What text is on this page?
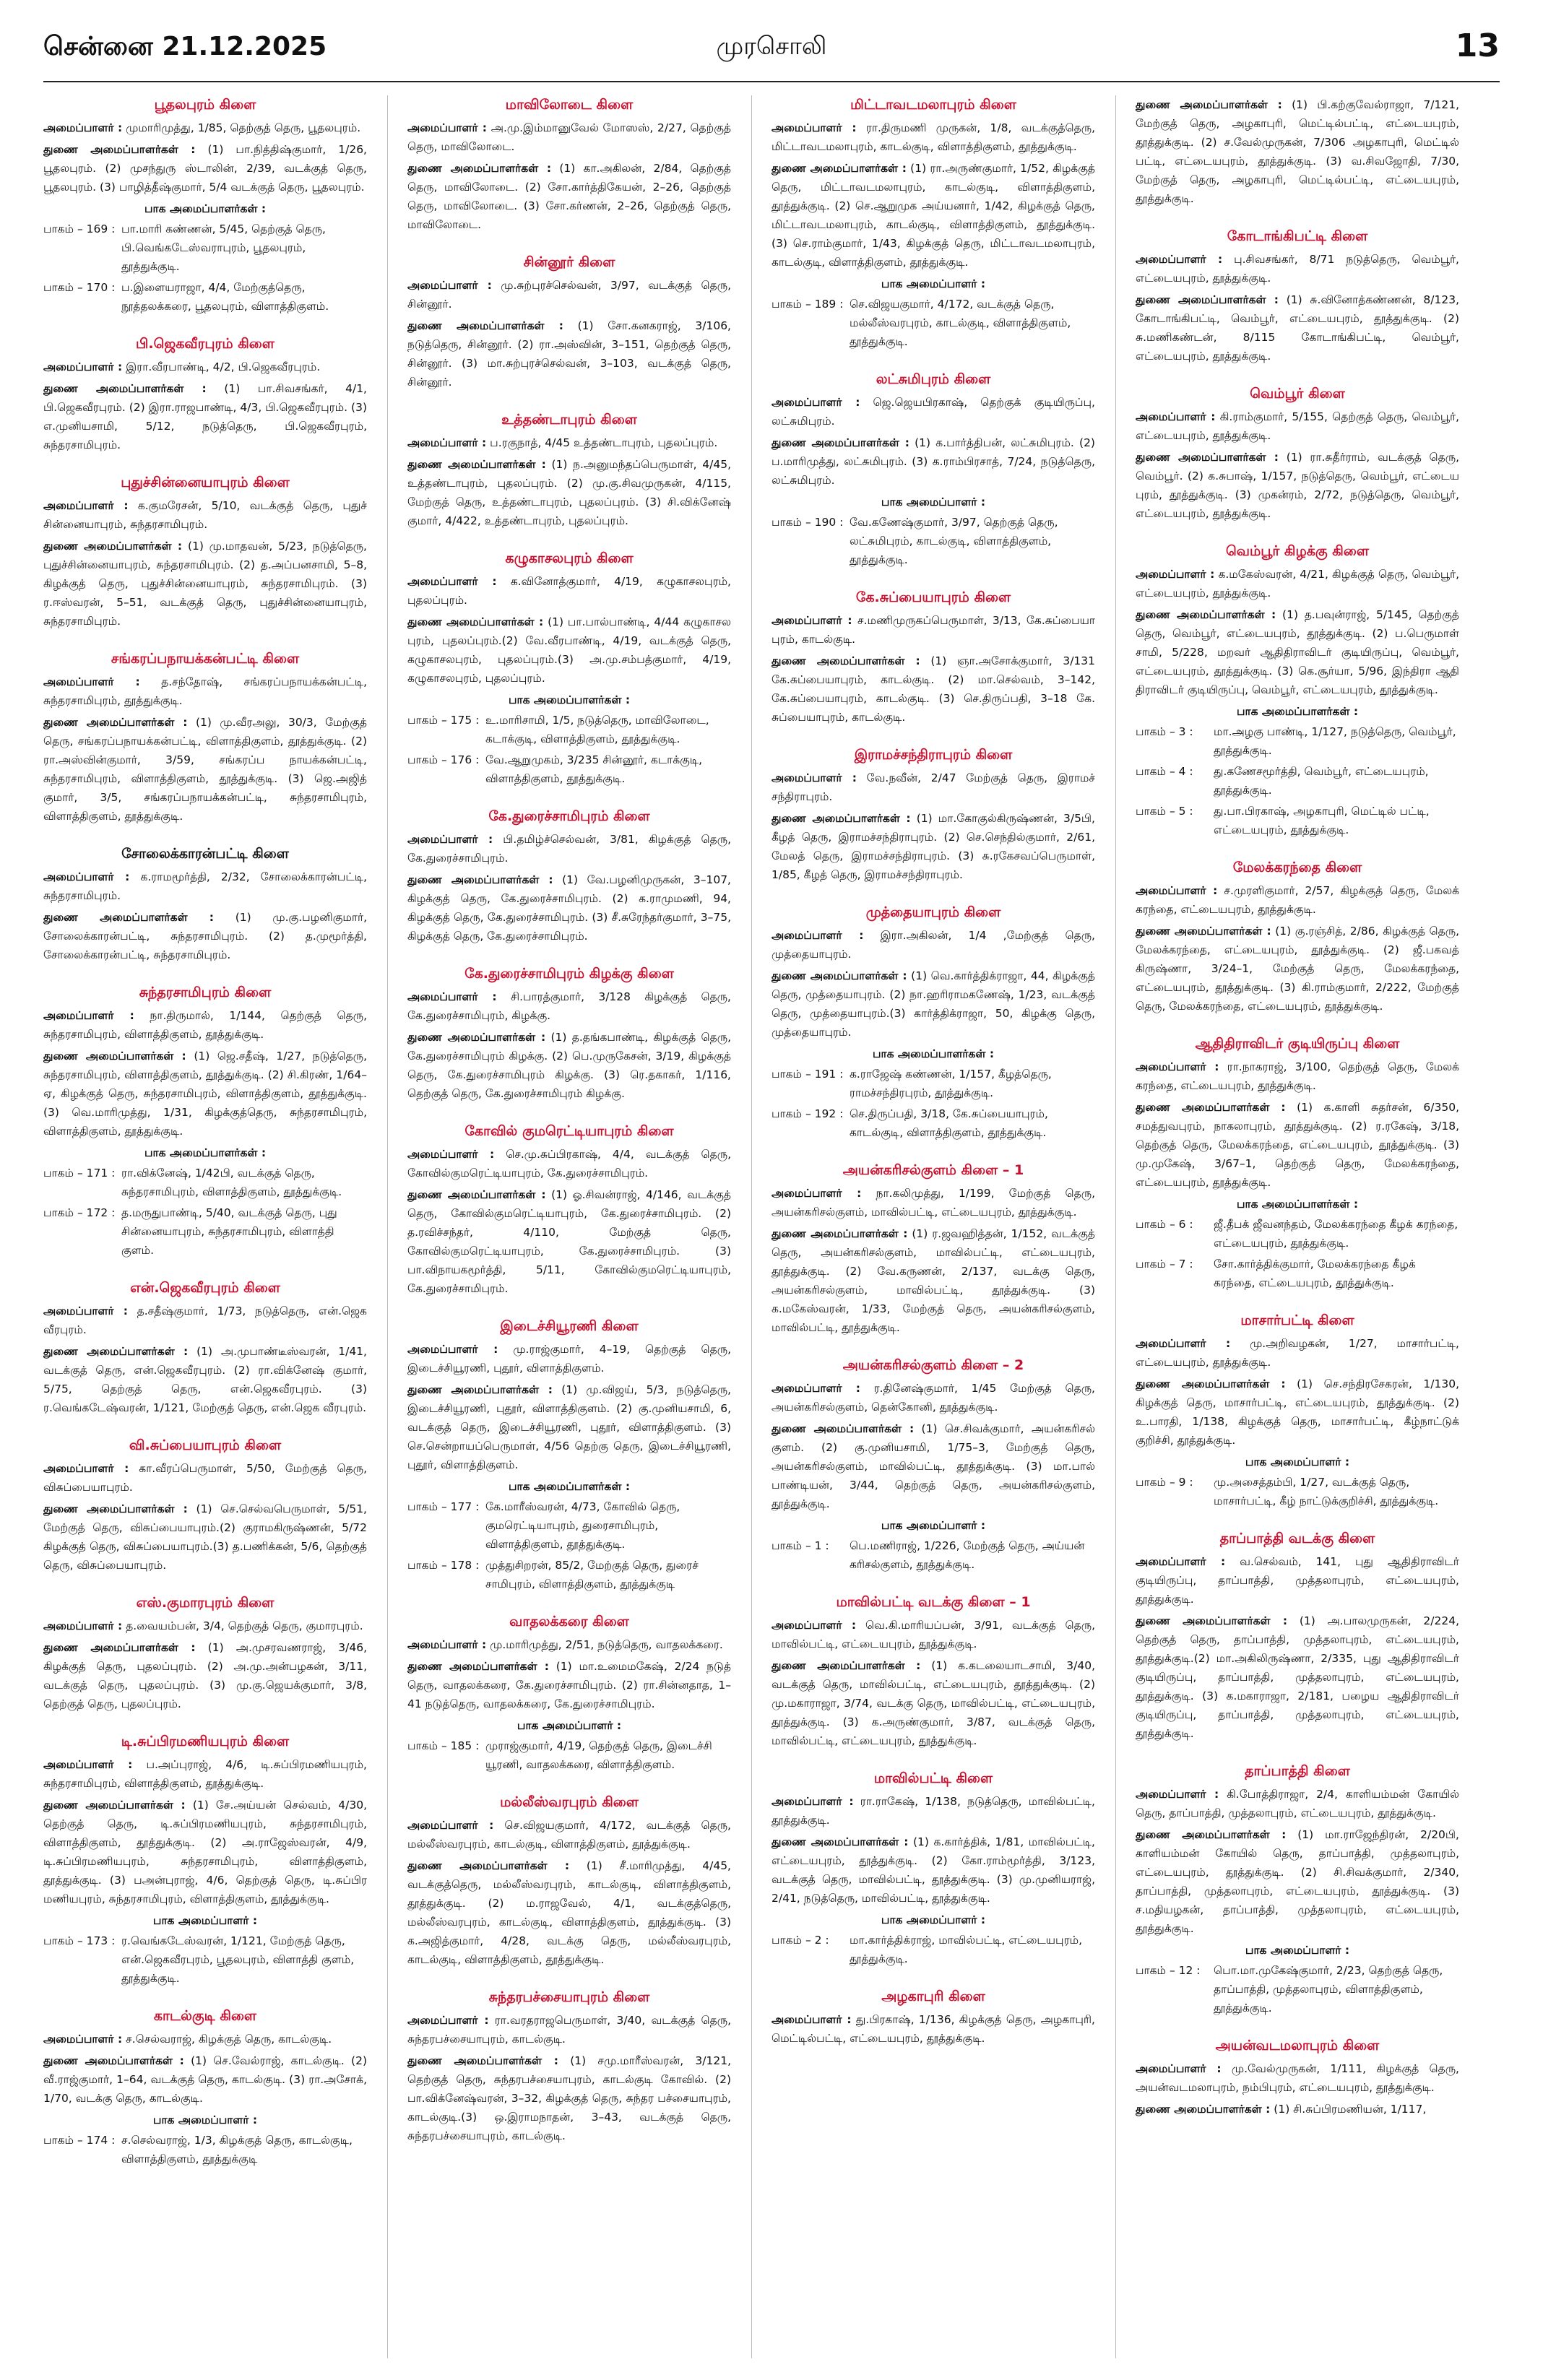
சென்னை 21.12.2025	முரசொலி	13
பூதலபுரம் கிளை
அமைப்பாளர் : முமாரிமுத்து, 1/85, தெற்குத் தெரு, பூதலபுரம்.
துணை அமைப்பாளர்கள் : (1) பா.நித்திஷ்குமார், 1/26, பூதலபுரம். (2) முசந்துரு ஸ்டாலின், 2/39, வடக்குத் தெரு, பூதலபுரம். (3) பாழித்தீஷ்குமார், 5/4 வடக்குத் தெரு, பூதலபுரம்.
பாக அமைப்பாளர்கள் :
பாகம் – 169 : பா.மாரி கண்ணன், 5/45, தெற்குத் தெரு, பி.வெங்கடேஸ்வராபுரம், பூதலபுரம், தூத்துக்குடி.
பாகம் – 170 : ப.இளையராஜா, 4/4, மேற்குத்தெரு, நூத்தலக்கரை, பூதலபுரம், விளாத்திகுளம்.
பி.ஜெகவீரபுரம் கிளை
அமைப்பாளர் : இரா.வீரபாண்டி, 4/2, பி.ஜெகவீரபுரம்.
துணை அமைப்பாளர்கள் : (1) பா.சிவசங்கர், 4/1, பி.ஜெகவீரபுரம். (2) இரா.ராஜபாண்டி, 4/3, பி.ஜெகவீரபுரம். (3) எ.முனியசாமி, 5/12, நடுத்தெரு, பி.ஜெகவீரபுரம், சுந்தரசாமிபுரம்.
புதுச்சின்னையாபுரம் கிளை
அமைப்பாளர் : க.குமரேசன், 5/10, வடக்குத் தெரு, புதுச் சின்னையாபுரம், சுந்தரசாமிபுரம்.
துணை அமைப்பாளர்கள் : (1) மு.மாதவன், 5/23, நடுத்தெரு, புதுச்சின்னையாபுரம், சுந்தரசாமிபுரம். (2) த.அப்பனசாமி, 5–8, கிழக்குத் தெரு, புதுச்சின்னையாபுரம், சுந்தரசாமிபுரம். (3) ர.ஈஸ்வரன், 5–51, வடக்குத் தெரு, புதுச்சின்னையாபுரம், சுந்தரசாமிபுரம்.
சங்கரப்பநாயக்கன்பட்டி கிளை
அமைப்பாளர் : த.சந்தோஷ், சங்கரப்பநாயக்கன்பட்டி, சுந்தரசாமிபுரம், தூத்துக்குடி.
துணை அமைப்பாளர்கள் : (1) மு.வீரஅலு, 30/3, மேற்குத் தெரு, சங்கரப்பநாயக்கன்பட்டி, விளாத்திகுளம், தூத்துக்குடி. (2) ரா.அஸ்வின்குமார், 3/59, சங்கரப்ப நாயக்கன்பட்டி, சுந்தரசாமிபுரம், விளாத்திகுளம், தூத்துக்குடி. (3) ஜெ.அஜித் குமார், 3/5, சங்கரப்பநாயக்கன்பட்டி, சுந்தரசாமிபுரம், விளாத்திகுளம், தூத்துக்குடி.
சோலைக்காரன்பட்டி கிளை
அமைப்பாளர் : க.ராமமூர்த்தி, 2/32, சோலைக்காரன்பட்டி, சுந்தரசாமிபுரம்.
துணை அமைப்பாளர்கள் : (1) மு.கு.பழனிகுமார், சோலைக்காரன்பட்டி, சுந்தரசாமிபுரம். (2) த.முமூர்த்தி, சோலைக்காரன்பட்டி, சுந்தரசாமிபுரம்.
சுந்தரசாமிபுரம் கிளை
அமைப்பாளர் : நா.திருமால், 1/144, தெற்குத் தெரு, சுந்தரசாமிபுரம், விளாத்திகுளம், தூத்துக்குடி.
துணை அமைப்பாளர்கள் : (1) ஜெ.சதீஷ், 1/27, நடுத்தெரு, சுந்தரசாமிபுரம், விளாத்திகுளம், தூத்துக்குடி. (2) சி.கிரண், 1/64–ஏ, கிழக்குத் தெரு, சுந்தரசாமிபுரம், விளாத்திகுளம், தூத்துக்குடி. (3) வெ.மாரிமுத்து, 1/31, கிழக்குத்தெரு, சுந்தரசாமிபுரம், விளாத்திகுளம், தூத்துக்குடி.
பாக அமைப்பாளர்கள் :
பாகம் – 171 : ரா.விக்னேஷ், 1/42பி, வடக்குத் தெரு, சுந்தரசாமிபுரம், விளாத்திகுளம், தூத்துக்குடி.
பாகம் – 172 : த.மருதுபாண்டி, 5/40, வடக்குத் தெரு, புது சின்னையாபுரம், சுந்தரசாமிபுரம், விளாத்தி குளம்.
என்.ஜெகவீரபுரம் கிளை
அமைப்பாளர் : த.சதீஷ்குமார், 1/73, நடுத்தெரு, என்.ஜெக வீரபுரம்.
துணை அமைப்பாளர்கள் : (1) அ.முபாண்டீஸ்வரன், 1/41, வடக்குத் தெரு, என்.ஜெகவீரபுரம். (2) ரா.விக்னேஷ் குமார், 5/75, தெற்குத் தெரு, என்.ஜெகவீரபுரம். (3) ர.வெங்கடேஷ்வரன், 1/121, மேற்குத் தெரு, என்.ஜெக வீரபுரம்.
வி.சுப்பையாபுரம் கிளை
அமைப்பாளர் : கா.வீரப்பெருமாள், 5/50, மேற்குத் தெரு, விசுப்பையாபுரம்.
துணை அமைப்பாளர்கள் : (1) செ.செல்வபெருமாள், 5/51, மேற்குத் தெரு, விசுப்பையாபுரம்.(2) குராமகிருஷ்ணன், 5/72 கிழக்குத் தெரு, விசுப்பையாபுரம்.(3) த.பணிக்கன், 5/6, தெற்குத் தெரு, விசுப்பையாபுரம்.
எஸ்.குமாரபுரம் கிளை
அமைப்பாளர் : த.வையம்பன், 3/4, தெற்குத் தெரு, குமாரபுரம்.
துணை அமைப்பாளர்கள் : (1) அ.முசரவணராஜ், 3/46, கிழக்குத் தெரு, புதலப்புரம். (2) அ.மு.அன்பழகன், 3/11, வடக்குத் தெரு, புதலப்புரம். (3) மு.கு.ஜெயக்குமார், 3/8, தெற்குத் தெரு, புதலப்புரம்.
டி.சுப்பிரமணியபுரம் கிளை
அமைப்பாளர் : ப.அப்புராஜ், 4/6, டி.சுப்பிரமணியபுரம், சுந்தரசாமிபுரம், விளாத்திகுளம், தூத்துக்குடி.
துணை அமைப்பாளர்கள் : (1) சே.அய்யன் செல்வம், 4/30, தெற்குத் தெரு, டி.சுப்பிரமணியபுரம், சுந்தரசாமிபுரம், விளாத்திகுளம், தூத்துக்குடி. (2) அ.ராஜேஸ்வரன், 4/9, டி.சுப்பிரமணியபுரம், சுந்தரசாமிபுரம், விளாத்திகுளம், தூத்துக்குடி. (3) பஅன்புராஜ், 4/6, தெற்குத் தெரு, டி.சுப்பிர மணியபுரம், சுந்தரசாமிபுரம், விளாத்திகுளம், தூத்துக்குடி.
பாக அமைப்பாளர் :
பாகம் – 173 : ர.வெங்கடேஸ்வரன், 1/121, மேற்குத் தெரு, என்.ஜெகவீரபுரம், பூதலபுரம், விளாத்தி குளம், தூத்துக்குடி.
காடல்குடி கிளை
அமைப்பாளர் : ச.செல்வராஜ், கிழக்குத் தெரு, காடல்குடி.
துணை அமைப்பாளர்கள் : (1) செ.வேல்ராஜ், காடல்குடி. (2) வீ.ராஜ்குமார், 1–64, வடக்குத் தெரு, காடல்குடி. (3) ரா.அசோக், 1/70, வடக்கு தெரு, காடல்குடி.
பாக அமைப்பாளர் :
பாகம் – 174 : ச.செல்வராஜ், 1/3, கிழக்குத் தெரு, காடல்குடி, விளாத்திகுளம், தூத்துக்குடி
மாவிலோடை கிளை
அமைப்பாளர் : அ.மு.இம்மானுவேல் மோஸஸ், 2/27, தெற்குத் தெரு, மாவிலோடை.
துணை அமைப்பாளர்கள் : (1) கா.அகிலன், 2/84, தெற்குத் தெரு, மாவிலோடை. (2) சோ.கார்த்திகேயன், 2–26, தெற்குத் தெரு, மாவிலோடை. (3) சோ.கர்ணன், 2–26, தெற்குத் தெரு, மாவிலோடை.
சின்னூர் கிளை
அமைப்பாளர் : மு.சுற்புரச்செல்வன், 3/97, வடக்குத் தெரு, சின்னூர்.
துணை அமைப்பாளர்கள் : (1) சோ.கனகராஜ், 3/106, நடுத்தெரு, சின்னூர். (2) ரா.அஸ்வின், 3–151, தெற்குத் தெரு, சின்னூர். (3) மா.சுற்புரச்செல்வன், 3–103, வடக்குத் தெரு, சின்னூர்.
உத்தண்டாபுரம் கிளை
அமைப்பாளர் : ப.ரகுநாத், 4/45 உத்தண்டாபுரம், புதலப்புரம்.
துணை அமைப்பாளர்கள் : (1) ந.அனுமந்தப்பெருமாள், 4/45, உத்தண்டாபுரம், புதலப்புரம். (2) மு.கு.சிவமுருகன், 4/115, மேற்குத் தெரு, உத்தண்டாபுரம், புதலப்புரம். (3) சி.விக்னேஷ் குமார், 4/422, உத்தண்டாபுரம், புதலப்புரம்.
கழுகாசலபுரம் கிளை
அமைப்பாளர் : க.வினோத்குமார், 4/19, கழுகாசலபுரம், புதலப்புரம்.
துணை அமைப்பாளர்கள் : (1) பா.பால்பாண்டி, 4/44 கழுகாசல புரம், புதலப்புரம்.(2) வே.வீரபாண்டி, 4/19, வடக்குத் தெரு, கழுகாசலபுரம், புதலப்புரம்.(3) அ.மு.சம்பத்குமார், 4/19, கழுகாசலபுரம், புதலப்புரம்.
பாக அமைப்பாளர்கள் :
பாகம் – 175 : உ.மாரிசாமி, 1/5, நடுத்தெரு, மாவிலோடை, கடாக்குடி, விளாத்திகுளம், தூத்துக்குடி.
பாகம் – 176 : வே.ஆறுமுகம், 3/235 சின்னூர், கடாக்குடி, விளாத்திகுளம், தூத்துக்குடி.
கே.துரைச்சாமிபுரம் கிளை
அமைப்பாளர் : பி.தமிழ்ச்செல்வன், 3/81, கிழக்குத் தெரு, கே.துரைச்சாமிபுரம்.
துணை அமைப்பாளர்கள் : (1) வே.பழனிமுருகன், 3–107, கிழக்குத் தெரு, கே.துரைச்சாமிபுரம். (2) க.ராமுமணி, 94, கிழக்குத் தெரு, கே.துரைச்சாமிபுரம். (3) சீ.சுரேந்தர்குமார், 3–75, கிழக்குத் தெரு, கே.துரைச்சாமிபுரம்.
கே.துரைச்சாமிபுரம் கிழக்கு கிளை
அமைப்பாளர் : சி.பாரத்குமார், 3/128 கிழக்குத் தெரு, கே.துரைச்சாமிபுரம், கிழக்கு.
துணை அமைப்பாளர்கள் : (1) த.தங்கபாண்டி, கிழக்குத் தெரு, கே.துரைச்சாமிபுரம் கிழக்கு. (2) பெ.முருகேசன், 3/19, கிழக்குத் தெரு, கே.துரைச்சாமிபுரம் கிழக்கு. (3) ரெ.தகாகர், 1/116, தெற்குத் தெரு, கே.துரைச்சாமிபுரம் கிழக்கு.
கோவில் குமரெட்டியாபுரம் கிளை
அமைப்பாளர் : செ.மு.சுப்பிரகாஷ், 4/4, வடக்குத் தெரு, கோவில்குமரெட்டியாபுரம், கே.துரைச்சாமிபுரம்.
துணை அமைப்பாளர்கள் : (1) ஓ.சிவன்ராஜ், 4/146, வடக்குத் தெரு, கோவில்குமரெட்டியாபுரம், கே.துரைச்சாமிபுரம். (2) த.ரவிச்சந்தர், 4/110, மேற்குத் தெரு, கோவில்குமரெட்டியாபுரம், கே.துரைச்சாமிபுரம். (3) பா.விநாயகமூர்த்தி, 5/11, கோவில்குமரெட்டியாபுரம், கே.துரைச்சாமிபுரம்.
இடைச்சியூரணி கிளை
அமைப்பாளர் : மு.ராஜ்குமார், 4–19, தெற்குத் தெரு, இடைச்சியூரணி, புதூர், விளாத்திகுளம்.
துணை அமைப்பாளர்கள் : (1) மு.விஜய், 5/3, நடுத்தெரு, இடைச்சியூரணி, புதூர், விளாத்திகுளம். (2) கு.முனியசாமி, 6, வடக்குத் தெரு, இடைச்சியூரணி, புதூர், விளாத்திகுளம். (3) செ.சென்றாயப்பெருமாள், 4/56 தெற்கு தெரு, இடைச்சியூரணி, புதூர், விளாத்திகுளம்.
பாக அமைப்பாளர்கள் :
பாகம் – 177 : கே.மாரீஸ்வரன், 4/73, கோவில் தெரு, குமரெட்டியாபுரம், துரைசாமிபுரம், விளாத்திகுளம், தூத்துக்குடி.
பாகம் – 178 : முத்துசிறரன், 85/2, மேற்குத் தெரு, துரைச் சாமிபுரம், விளாத்திகுளம், தூத்துக்குடி
வாதலக்கரை கிளை
அமைப்பாளர் : மு.மாரிமுத்து, 2/51, நடுத்தெரு, வாதலக்கரை.
துணை அமைப்பாளர்கள் : (1) மா.உமைமகேஷ், 2/24 நடுத் தெரு, வாதலக்கரை, கே.துரைச்சாமிபுரம். (2) ரா.சின்னதாத, 1–41 நடுத்தெரு, வாதலக்கரை, கே.துரைச்சாமிபுரம்.
பாக அமைப்பாளர் :
பாகம் – 185 : முராஜ்குமார், 4/19, தெற்குத் தெரு, இடைச்சி யூரணி, வாதலக்கரை, விளாத்திகுளம்.
மல்லீஸ்வரபுரம் கிளை
அமைப்பாளர் : செ.விஜயகுமார், 4/172, வடக்குத் தெரு, மல்லீஸ்வரபுரம், காடல்குடி, விளாத்திகுளம், தூத்துக்குடி.
துணை அமைப்பாளர்கள் : (1) சீ.மாரிமுத்து, 4/45, வடக்குத்தெரு, மல்லீஸ்வரபுரம், காடல்குடி, விளாத்திகுளம், தூத்துக்குடி. (2) ம.ராஜவேல், 4/1, வடக்குத்தெரு, மல்லீஸ்வரபுரம், காடல்குடி, விளாத்திகுளம், தூத்துக்குடி. (3) க.அஜித்குமார், 4/28, வடக்கு தெரு, மல்லீஸ்வரபுரம், காடல்குடி, விளாத்திகுளம், தூத்துக்குடி.
சுந்தரபச்சையாபுரம் கிளை
அமைப்பாளர் : ரா.வரதராஜபெருமாள், 3/40, வடக்குத் தெரு, சுந்தரபச்சையாபுரம், காடல்குடி.
துணை அமைப்பாளர்கள் : (1) சமு.மாரீஸ்வரன், 3/121, தெற்குத் தெரு, சுந்தரபச்சையாபுரம், காடல்குடி கோவில். (2) பா.விக்னேஷ்வரன், 3–32, கிழக்குத் தெரு, சுந்தர பச்சையாபுரம், காடல்குடி.(3) ஒ.இராமநாதன், 3–43, வடக்குத் தெரு, சுந்தரபச்சையாபுரம், காடல்குடி.
மிட்டாவடமலாபுரம் கிளை
அமைப்பாளர் : ரா.திருமணி முருகன், 1/8, வடக்குத்தெரு, மிட்டாவடமலாபுரம், காடல்குடி, விளாத்திகுளம், தூத்துக்குடி.
துணை அமைப்பாளர்கள் : (1) ரா.அருண்குமார், 1/52, கிழக்குத் தெரு, மிட்டாவடமலாபுரம், காடல்குடி, விளாத்திகுளம், தூத்துக்குடி. (2) செ.ஆறுமுக அய்யனார், 1/42, கிழக்குத் தெரு, மிட்டாவடமலாபுரம், காடல்குடி, விளாத்திகுளம், தூத்துக்குடி. (3) செ.ராம்குமார், 1/43, கிழக்குத் தெரு, மிட்டாவடமலாபுரம், காடல்குடி, விளாத்திகுளம், தூத்துக்குடி.
பாக அமைப்பாளர் :
பாகம் – 189 : செ.விஜயகுமார், 4/172, வடக்குத் தெரு, மல்லீஸ்வரபுரம், காடல்குடி, விளாத்திகுளம், தூத்துக்குடி.
லட்சுமிபுரம் கிளை
அமைப்பாளர் : ஜெ.ஜெயபிரகாஷ், தெற்குக் குடியிருப்பு, லட்சுமிபுரம்.
துணை அமைப்பாளர்கள் : (1) க.பார்த்திபன், லட்சுமிபுரம். (2) ப.மாரிமுத்து, லட்சுமிபுரம். (3) க.ராம்பிரசாத், 7/24, நடுத்தெரு, லட்சுமிபுரம்.
பாக அமைப்பாளர் :
பாகம் – 190 : வே.கணேஷ்குமார், 3/97, தெற்குத் தெரு, லட்சுமிபுரம், காடல்குடி, விளாத்திகுளம், தூத்துக்குடி.
கே.சுப்பையாபுரம் கிளை
அமைப்பாளர் : ச.மணிமுருகப்பெருமாள், 3/13, கே.சுப்பையா புரம், காடல்குடி.
துணை அமைப்பாளர்கள் : (1) ஞா.அசோக்குமார், 3/131 கே.சுப்பையாபுரம், காடல்குடி. (2) மா.செல்வம், 3–142, கே.சுப்பையாபுரம், காடல்குடி. (3) செ.திருப்பதி, 3–18 கே. சுப்பையாபுரம், காடல்குடி.
இராமச்சந்திராபுரம் கிளை
அமைப்பாளர் : வே.நவீன், 2/47 மேற்குத் தெரு, இராமச் சந்திராபுரம்.
துணை அமைப்பாளர்கள் : (1) மா.கோகுல்கிருஷ்ணன், 3/5பி, கீழத் தெரு, இராமச்சந்திராபுரம். (2) செ.செந்தில்குமார், 2/61, மேலத் தெரு, இராமச்சந்திராபுரம். (3) சு.ரகேசவப்பெருமாள், 1/85, கீழத் தெரு, இராமச்சந்திராபுரம்.
முத்தையாபுரம் கிளை
அமைப்பாளர் : இரா.அகிலன், 1/4 ,மேற்குத் தெரு, முத்தையாபுரம்.
துணை அமைப்பாளர்கள் : (1) வெ.கார்த்திக்ராஜா, 44, கிழக்குத் தெரு, முத்தையாபுரம். (2) நா.ஹரிராமகணேஷ், 1/23, வடக்குத் தெரு, முத்தையாபுரம்.(3) கார்த்திக்ராஜா, 50, கிழக்கு தெரு, முத்தையாபுரம்.
பாக அமைப்பாளர்கள் :
பாகம் – 191 : க.ராஜேஷ் கண்ணன், 1/157, கீழத்தெரு, ராமச்சந்திரபுரம், தூத்துக்குடி.
பாகம் – 192 : செ.திருப்பதி, 3/18, கே.சுப்பையாபுரம், காடல்குடி, விளாத்திகுளம், தூத்துக்குடி.
அயன்கரிசல்குளம் கிளை – 1
அமைப்பாளர் : நா.கலிமுத்து, 1/199, மேற்குத் தெரு, அயன்கரிசல்குளம், மாவில்பட்டி, எட்டையபுரம், தூத்துக்குடி.
துணை அமைப்பாளர்கள் : (1) ர.ஜவஹித்தன், 1/152, வடக்குத் தெரு, அயன்கரிசல்குளம், மாவில்பட்டி, எட்டையபுரம், தூத்துக்குடி. (2) வே.கருணன், 2/137, வடக்கு தெரு, அயன்கரிசல்குளம், மாவில்பட்டி, தூத்துக்குடி. (3) க.மகேஸ்வரன், 1/33, மேற்குத் தெரு, அயன்கரிசல்குளம், மாவில்பட்டி, தூத்துக்குடி.
அயன்கரிசல்குளம் கிளை – 2
அமைப்பாளர் : ர.தினேஷ்குமார், 1/45 மேற்குத் தெரு, அயன்கரிசல்குளம், தென்கோனி, தூத்துக்குடி.
துணை அமைப்பாளர்கள் : (1) செ.சிவக்குமார், அயன்கரிசல் குளம். (2) கு.முனியசாமி, 1/75–3, மேற்குத் தெரு, அயன்கரிசல்குளம், மாவில்பட்டி, தூத்துக்குடி. (3) மா.பால் பாண்டியன், 3/44, தெற்குத் தெரு, அயன்கரிசல்குளம், தூத்துக்குடி.
பாக அமைப்பாளர் :
பாகம் – 1 :	பெ.மணிராஜ், 1/226, மேற்குத் தெரு, அய்யன் கரிசல்குளம், தூத்துக்குடி.
மாவில்பட்டி வடக்கு கிளை – 1
அமைப்பாளர் : வெ.கி.மாரியப்பன், 3/91, வடக்குத் தெரு, மாவில்பட்டி, எட்டையபுரம், தூத்துக்குடி.
துணை அமைப்பாளர்கள் : (1) க.கடலையாடசாமி, 3/40, வடக்குத் தெரு, மாவில்பட்டி, எட்டையபுரம், தூத்துக்குடி. (2) மு.மகாராஜா, 3/74, வடக்கு தெரு, மாவில்பட்டி, எட்டையபுரம், தூத்துக்குடி. (3) க.அருண்குமார், 3/87, வடக்குத் தெரு, மாவில்பட்டி, எட்டையபுரம், தூத்துக்குடி.
மாவில்பட்டி கிளை
அமைப்பாளர் : ரா.ராகேஷ், 1/138, நடுத்தெரு, மாவில்பட்டி, தூத்துக்குடி.
துணை அமைப்பாளர்கள் : (1) க.கார்த்திக், 1/81, மாவில்பட்டி, எட்டையபுரம், தூத்துக்குடி. (2) கோ.ராம்மூர்த்தி, 3/123, வடக்குத் தெரு, மாவில்பட்டி, தூத்துக்குடி. (3) மு.முனியராஜ், 2/41, நடுத்தெரு, மாவில்பட்டி, தூத்துக்குடி.
பாக அமைப்பாளர் :
பாகம் – 2 :	மா.கார்த்திக்ராஜ், மாவில்பட்டி, எட்டையபுரம், தூத்துக்குடி.
அழகாபுரி கிளை
அமைப்பாளர் : து.பிரகாஷ், 1/136, கிழக்குத் தெரு, அழகாபுரி, மெட்டில்பட்டி, எட்டையபுரம், தூத்துக்குடி.
துணை அமைப்பாளர்கள் : (1) பி.கற்குவேல்ராஜா, 7/121, மேற்குத் தெரு, அழகாபுரி, மெட்டில்பட்டி, எட்டையபுரம், தூத்துக்குடி. (2) ச.வேல்முருகன், 7/306 அழகாபுரி, மெட்டில் பட்டி, எட்டையபுரம், தூத்துக்குடி. (3) வ.சிவஜோதி, 7/30, மேற்குத் தெரு, அழகாபுரி, மெட்டில்பட்டி, எட்டையபுரம், தூத்துக்குடி.
கோடாங்கிபட்டி கிளை
அமைப்பாளர் : பு.சிவசங்கர், 8/71 நடுத்தெரு, வெம்பூர், எட்டையபுரம், தூத்துக்குடி.
துணை அமைப்பாளர்கள் : (1) சு.வினோத்கண்ணன், 8/123, கோடாங்கிபட்டி, வெம்பூர், எட்டையபுரம், தூத்துக்குடி. (2) சு.மணிகண்டன், 8/115 கோடாங்கிபட்டி, வெம்பூர், எட்டையபுரம், தூத்துக்குடி.
வெம்பூர் கிளை
அமைப்பாளர் : கி.ராம்குமார், 5/155, தெற்குத் தெரு, வெம்பூர், எட்டையபுரம், தூத்துக்குடி.
துணை அமைப்பாளர்கள் : (1) ரா.சுதீர்ராம், வடக்குத் தெரு, வெம்பூர். (2) க.சுபாஷ், 1/157, நடுத்தெரு, வெம்பூர், எட்டைய புரம், தூத்துக்குடி. (3) முகன்ரம், 2/72, நடுத்தெரு, வெம்பூர், எட்டையபுரம், தூத்துக்குடி.
வெம்பூர் கிழக்கு கிளை
அமைப்பாளர் : க.மகேஸ்வரன், 4/21, கிழக்குத் தெரு, வெம்பூர், எட்டையபுரம், தூத்துக்குடி.
துணை அமைப்பாளர்கள் : (1) த.பவுன்ராஜ், 5/145, தெற்குத் தெரு, வெம்பூர், எட்டையபுரம், தூத்துக்குடி. (2) ப.பெருமாள் சாமி, 5/228, மறவர் ஆதிதிராவிடர் குடியிருப்பு, வெம்பூர், எட்டையபுரம், தூத்துக்குடி. (3) கெ.சூர்யா, 5/96, இந்திரா ஆதி திராவிடர் குடியிருப்பு, வெம்பூர், எட்டையபுரம், தூத்துக்குடி.
பாக அமைப்பாளர்கள் :
பாகம் – 3 :	மா.அழகு பாண்டி, 1/127, நடுத்தெரு, வெம்பூர், தூத்துக்குடி.
பாகம் – 4 :	து.கணேசமூர்த்தி, வெம்பூர், எட்டையபுரம், தூத்துக்குடி.
பாகம் – 5 :	து.பா.பிரகாஷ், அழகாபுரி, மெட்டில் பட்டி, எட்டையபுரம், தூத்துக்குடி.
மேலக்கரந்தை கிளை
அமைப்பாளர் : ச.முரளிகுமார், 2/57, கிழக்குத் தெரு, மேலக் கரந்தை, எட்டையபுரம், தூத்துக்குடி.
துணை அமைப்பாளர்கள் : (1) கு.ரஞ்சித், 2/86, கிழக்குத் தெரு, மேலக்கரந்தை, எட்டையபுரம், தூத்துக்குடி. (2) ஜீ.பகவத் கிருஷ்ணா, 3/24–1, மேற்குத் தெரு, மேலக்கரந்தை, எட்டையபுரம், தூத்துக்குடி. (3) கி.ராம்குமார், 2/222, மேற்குத் தெரு, மேலக்கரந்தை, எட்டையபுரம், தூத்துக்குடி.
ஆதிதிராவிடர் குடியிருப்பு கிளை
அமைப்பாளர் : ரா.நாகராஜ், 3/100, தெற்குத் தெரு, மேலக் கரந்தை, எட்டையபுரம், தூத்துக்குடி.
துணை அமைப்பாளர்கள் : (1) க.காளி சுதர்சன், 6/350, சமத்துவபுரம், நாகலாபுரம், தூத்துக்குடி. (2) ர.ரகேஷ், 3/18, தெற்குத் தெரு, மேலக்கரந்தை, எட்டையபுரம், தூத்துக்குடி. (3) மு.முகேஷ், 3/67–1, தெற்குத் தெரு, மேலக்கரந்தை, எட்டையபுரம், தூத்துக்குடி.
பாக அமைப்பாளர்கள் :
பாகம் – 6 :	ஜீ.தீபக் ஜீவனந்தம், மேலக்கரந்தை கீழக் கரந்தை, எட்டையபுரம், தூத்துக்குடி.
பாகம் – 7 :	சோ.கார்த்திக்குமார், மேலக்கரந்தை கீழக் கரந்தை, எட்டையபுரம், தூத்துக்குடி.
மாசார்பட்டி கிளை
அமைப்பாளர் : மு.அறிவழகன், 1/27, மாசார்பட்டி, எட்டையபுரம், தூத்துக்குடி.
துணை அமைப்பாளர்கள் : (1) செ.சந்திரசேகரன், 1/130, கிழக்குத் தெரு, மாசார்பட்டி, எட்டையபுரம், தூத்துக்குடி. (2) உ.பாரதி, 1/138, கிழக்குத் தெரு, மாசார்பட்டி, கீழ்நாட்டுக் குறிச்சி, தூத்துக்குடி.
பாக அமைப்பாளர் :
பாகம் – 9 :	மு.அசைத்தம்பி, 1/27, வடக்குத் தெரு, மாசார்பட்டி, கீழ் நாட்டுக்குறிச்சி, தூத்துக்குடி.
தாப்பாத்தி வடக்கு கிளை
அமைப்பாளர் : வ.செல்வம், 141, புது ஆதிதிராவிடர் குடியிருப்பு, தாப்பாத்தி, முத்தலாபுரம், எட்டையபுரம், தூத்துக்குடி.
துணை அமைப்பாளர்கள் : (1) அ.பாலமுருகன், 2/224, தெற்குத் தெரு, தாப்பாத்தி, முத்தலாபுரம், எட்டையபுரம், தூத்துக்குடி.(2) மா.அகிலிருஷ்ணா, 2/335, புது ஆதிதிராவிடர் குடியிருப்பு, தாப்பாத்தி, முத்தலாபுரம், எட்டையபுரம், தூத்துக்குடி. (3) க.மகாராஜா, 2/181, பழைய ஆதிதிராவிடர் குடியிருப்பு, தாப்பாத்தி, முத்தலாபுரம், எட்டையபுரம், தூத்துக்குடி.
தாப்பாத்தி கிளை
அமைப்பாளர் : கி.போத்திராஜா, 2/4, காளியம்மன் கோயில் தெரு, தாப்பாத்தி, முத்தலாபுரம், எட்டையபுரம், தூத்துக்குடி.
துணை அமைப்பாளர்கள் : (1) மா.ராஜேந்திரன், 2/20பி, காளியம்மன் கோயில் தெரு, தாப்பாத்தி, முத்தலாபுரம், எட்டையபுரம், தூத்துக்குடி. (2) சி.சிவக்குமார், 2/340, தாப்பாத்தி, முத்தலாபுரம், எட்டையபுரம், தூத்துக்குடி. (3) ச.மதியழகன், தாப்பாத்தி, முத்தலாபுரம், எட்டையபுரம், தூத்துக்குடி.
பாக அமைப்பாளர் :
பாகம் – 12 :	பொ.மா.முகேஷ்குமார், 2/23, தெற்குத் தெரு, தாப்பாத்தி, முத்தலாபுரம், விளாத்திகுளம், தூத்துக்குடி.
அயன்வடமலாபுரம் கிளை
அமைப்பாளர் : மு.வேல்முருகன், 1/111, கிழக்குத் தெரு, அயன்வடமலாபுரம், நம்பிபுரம், எட்டையபுரம், தூத்துக்குடி.
துணை அமைப்பாளர்கள் : (1) சி.சுப்பிரமணியன், 1/117,
